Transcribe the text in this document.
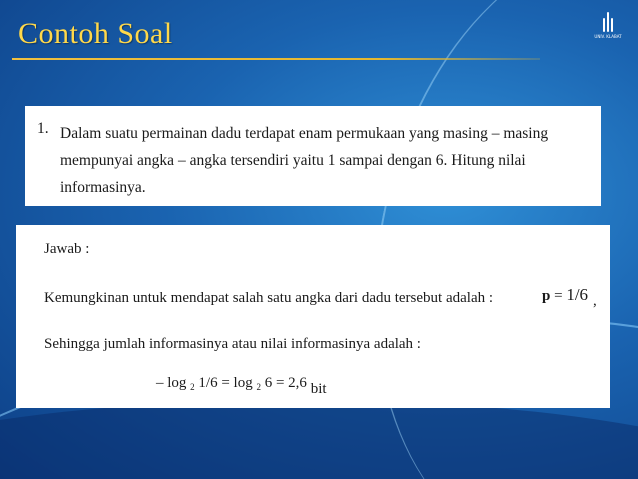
Contoh Soal	UNIV. KLABAT
1. Dalam suatu permainan dadu terdapat enam permukaan yang masing – masing mempunyai angka – angka tersendiri yaitu 1 sampai dengan 6. Hitung nilai informasinya.
Jawab :
Kemungkinan untuk mendapat salah satu angka dari dadu tersebut adalah :	p = 1/6 ,
Sehingga jumlah informasinya atau nilai informasinya adalah :
– log $_2$ 1/6 = log $_2$ 6 = 2,6 bit
